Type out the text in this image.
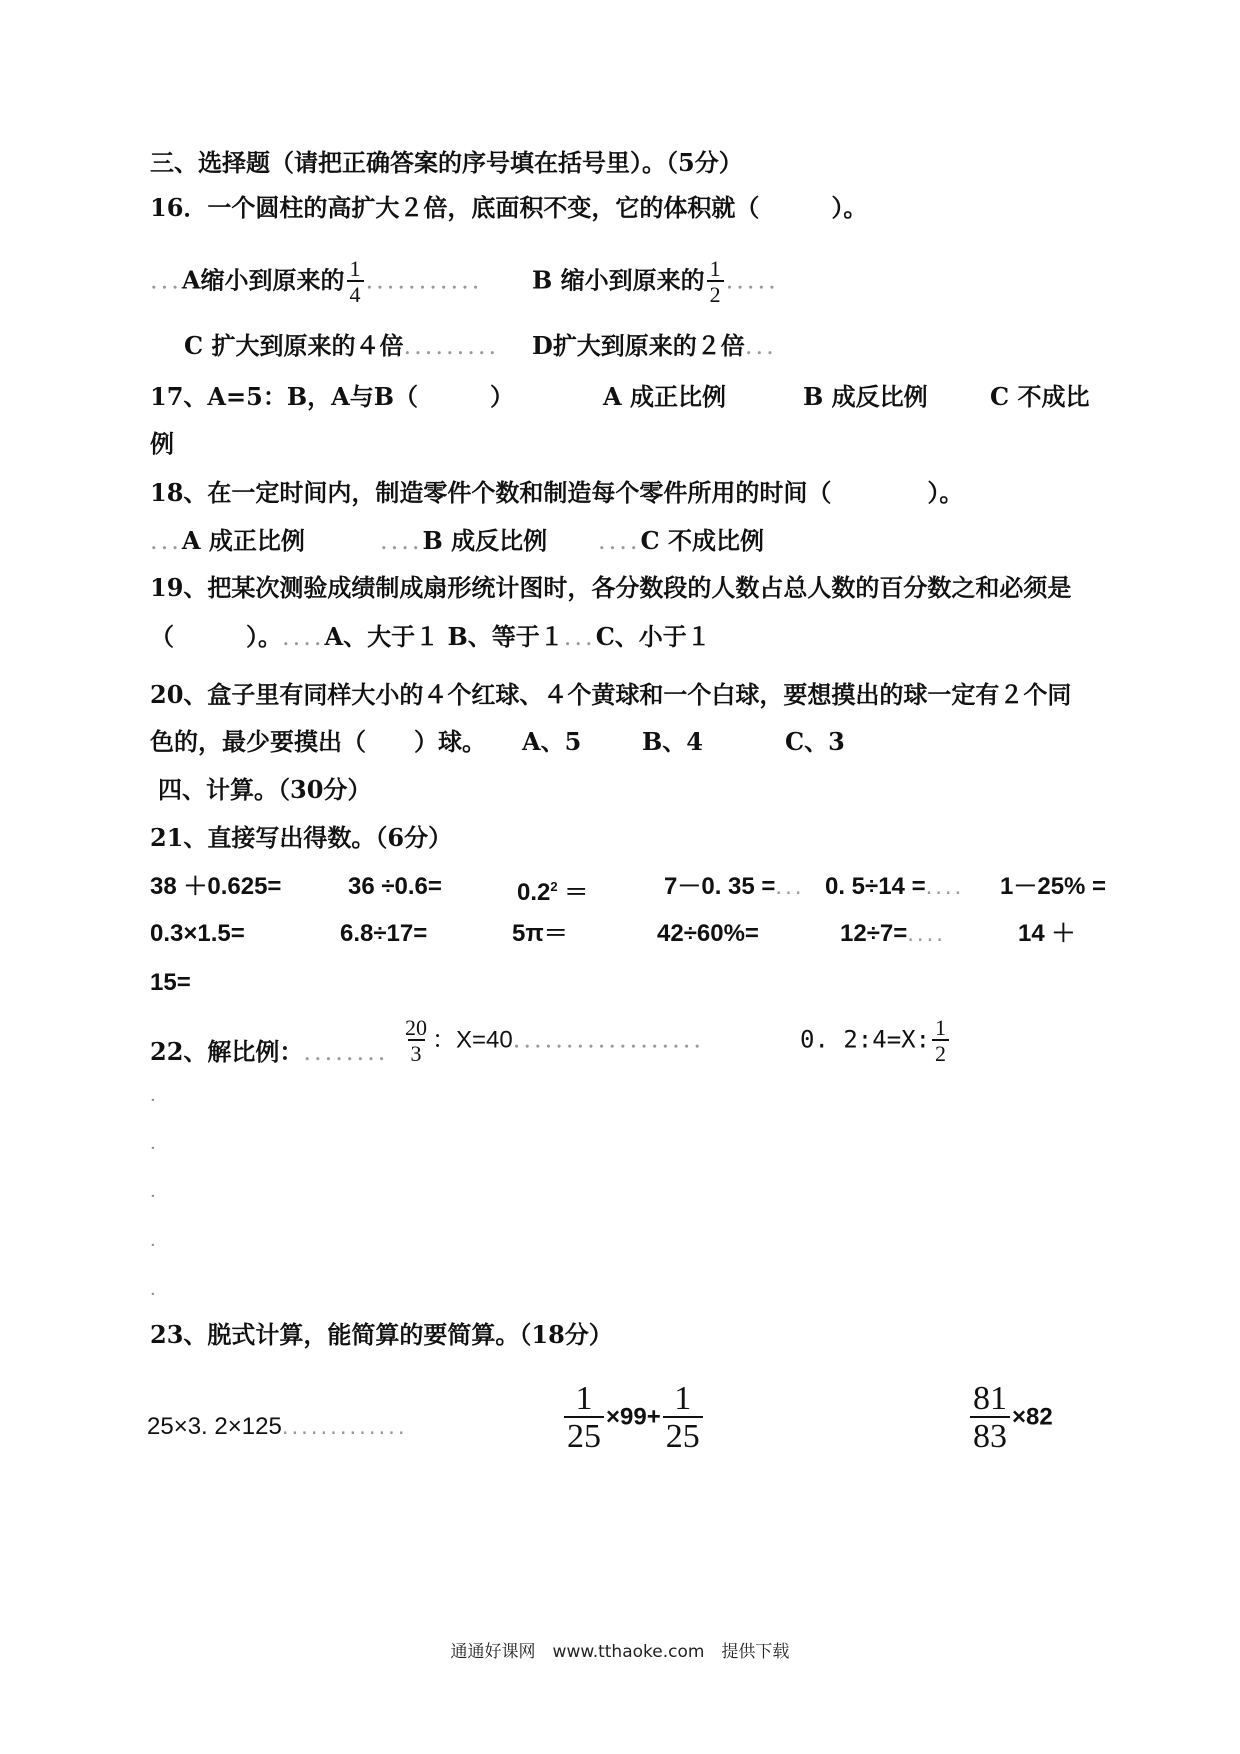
三、选择题（请把正确答案的序号填在括号里）。（5分）
16．一个圆柱的高扩大２倍，底面积不变，它的体积就（　　　）。
...A缩小到原来的 $\frac{1}{4}$ ........... B 缩小到原来的 $\frac{1}{2}$ .....
C 扩大到原来的４倍......... D扩大到原来的２倍...
17、A=5：B，A与B（　　　）	A 成正比例	B 成反比例	C 不成比
例
18、在一定时间内，制造零件个数和制造每个零件所用的时间（　　　　）。
...A 成正比例	....B 成反比例 ....C 不成比例
19、把某次测验成绩制成扇形统计图时，各分数段的人数占总人数的百分数之和必须是
（　　　）。....A、大于１ B、等于１...C、小于１
20、盒子里有同样大小的４个红球、４个黄球和一个白球，要想摸出的球一定有２个同
色的，最少要摸出（　　）球。 A、5	B、4	C、3
四、计算。（30分）
21、直接写出得数。（6分）
38 ＋0.625=	36 ÷0.6=	$0.2^2$ ＝	7－0. 35 =... 0. 5÷14 =.... 1－25% =
0.3×1.5=	6.8÷17=	5π＝	42÷60%=	12÷7=....	14 ＋
15=
22、解比例：........ $\frac{20}{3}$ ：X=40..................	0. 2:4=X: $\frac{1}{2}$
·
·
·
·
·
23、脱式计算，能简算的要简算。（18分）
25×3. 2×125.............	$\frac{1}{25} \times 99+ \frac{1}{25}$	$\frac{81}{83} \times 82$
通通好课网　www.tthaoke.com　提供下载
